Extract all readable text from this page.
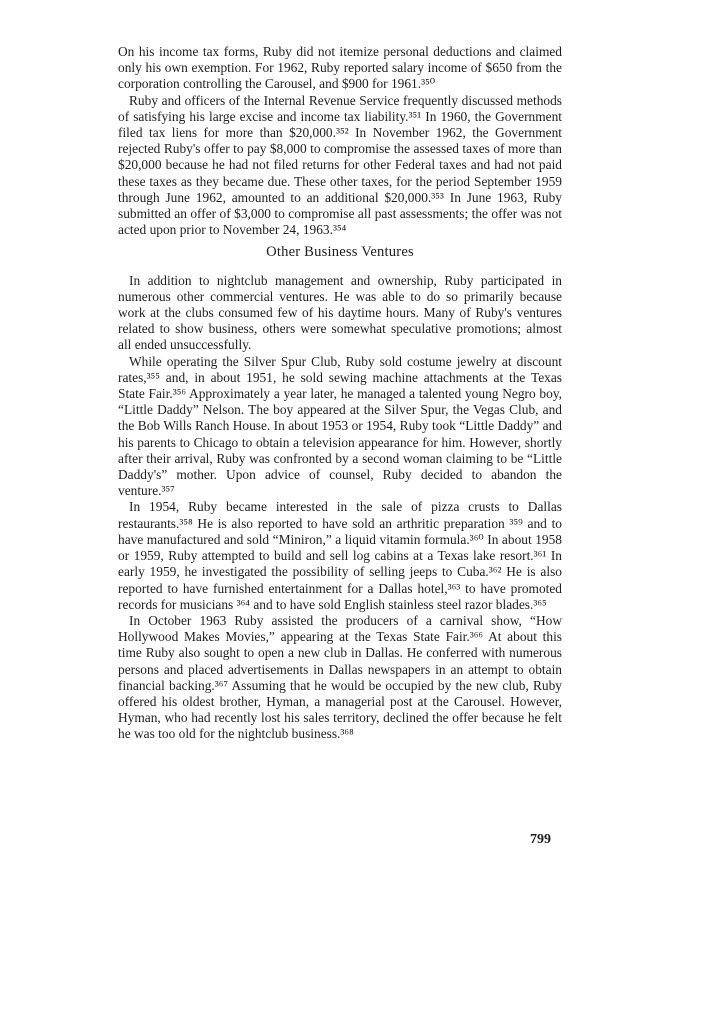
On his income tax forms, Ruby did not itemize personal deductions and claimed only his own exemption. For 1962, Ruby reported salary income of $650 from the corporation controlling the Carousel, and $900 for 1961.³⁵⁰

Ruby and officers of the Internal Revenue Service frequently discussed methods of satisfying his large excise and income tax liability.³⁵¹ In 1960, the Government filed tax liens for more than $20,000.³⁵² In November 1962, the Government rejected Ruby's offer to pay $8,000 to compromise the assessed taxes of more than $20,000 because he had not filed returns for other Federal taxes and had not paid these taxes as they became due. These other taxes, for the period September 1959 through June 1962, amounted to an additional $20,000.³⁵³ In June 1963, Ruby submitted an offer of $3,000 to compromise all past assessments; the offer was not acted upon prior to November 24, 1963.³⁵⁴

Other Business Ventures

In addition to nightclub management and ownership, Ruby participated in numerous other commercial ventures. He was able to do so primarily because work at the clubs consumed few of his daytime hours. Many of Ruby's ventures related to show business, others were somewhat speculative promotions; almost all ended unsuccessfully.

While operating the Silver Spur Club, Ruby sold costume jewelry at discount rates,³⁵⁵ and, in about 1951, he sold sewing machine attachments at the Texas State Fair.³⁵⁶ Approximately a year later, he managed a talented young Negro boy, “Little Daddy” Nelson. The boy appeared at the Silver Spur, the Vegas Club, and the Bob Wills Ranch House. In about 1953 or 1954, Ruby took “Little Daddy” and his parents to Chicago to obtain a television appearance for him. However, shortly after their arrival, Ruby was confronted by a second woman claiming to be “Little Daddy's” mother. Upon advice of counsel, Ruby decided to abandon the venture.³⁵⁷

In 1954, Ruby became interested in the sale of pizza crusts to Dallas restaurants.³⁵⁸ He is also reported to have sold an arthritic preparation ³⁵⁹ and to have manufactured and sold “Miniron,” a liquid vitamin formula.³⁶⁰ In about 1958 or 1959, Ruby attempted to build and sell log cabins at a Texas lake resort.³⁶¹ In early 1959, he investigated the possibility of selling jeeps to Cuba.³⁶² He is also reported to have furnished entertainment for a Dallas hotel,³⁶³ to have promoted records for musicians ³⁶⁴ and to have sold English stainless steel razor blades.³⁶⁵

In October 1963 Ruby assisted the producers of a carnival show, “How Hollywood Makes Movies,” appearing at the Texas State Fair.³⁶⁶ At about this time Ruby also sought to open a new club in Dallas. He conferred with numerous persons and placed advertisements in Dallas newspapers in an attempt to obtain financial backing.³⁶⁷ Assuming that he would be occupied by the new club, Ruby offered his oldest brother, Hyman, a managerial post at the Carousel. However, Hyman, who had recently lost his sales territory, declined the offer because he felt he was too old for the nightclub business.³⁶⁸

799
